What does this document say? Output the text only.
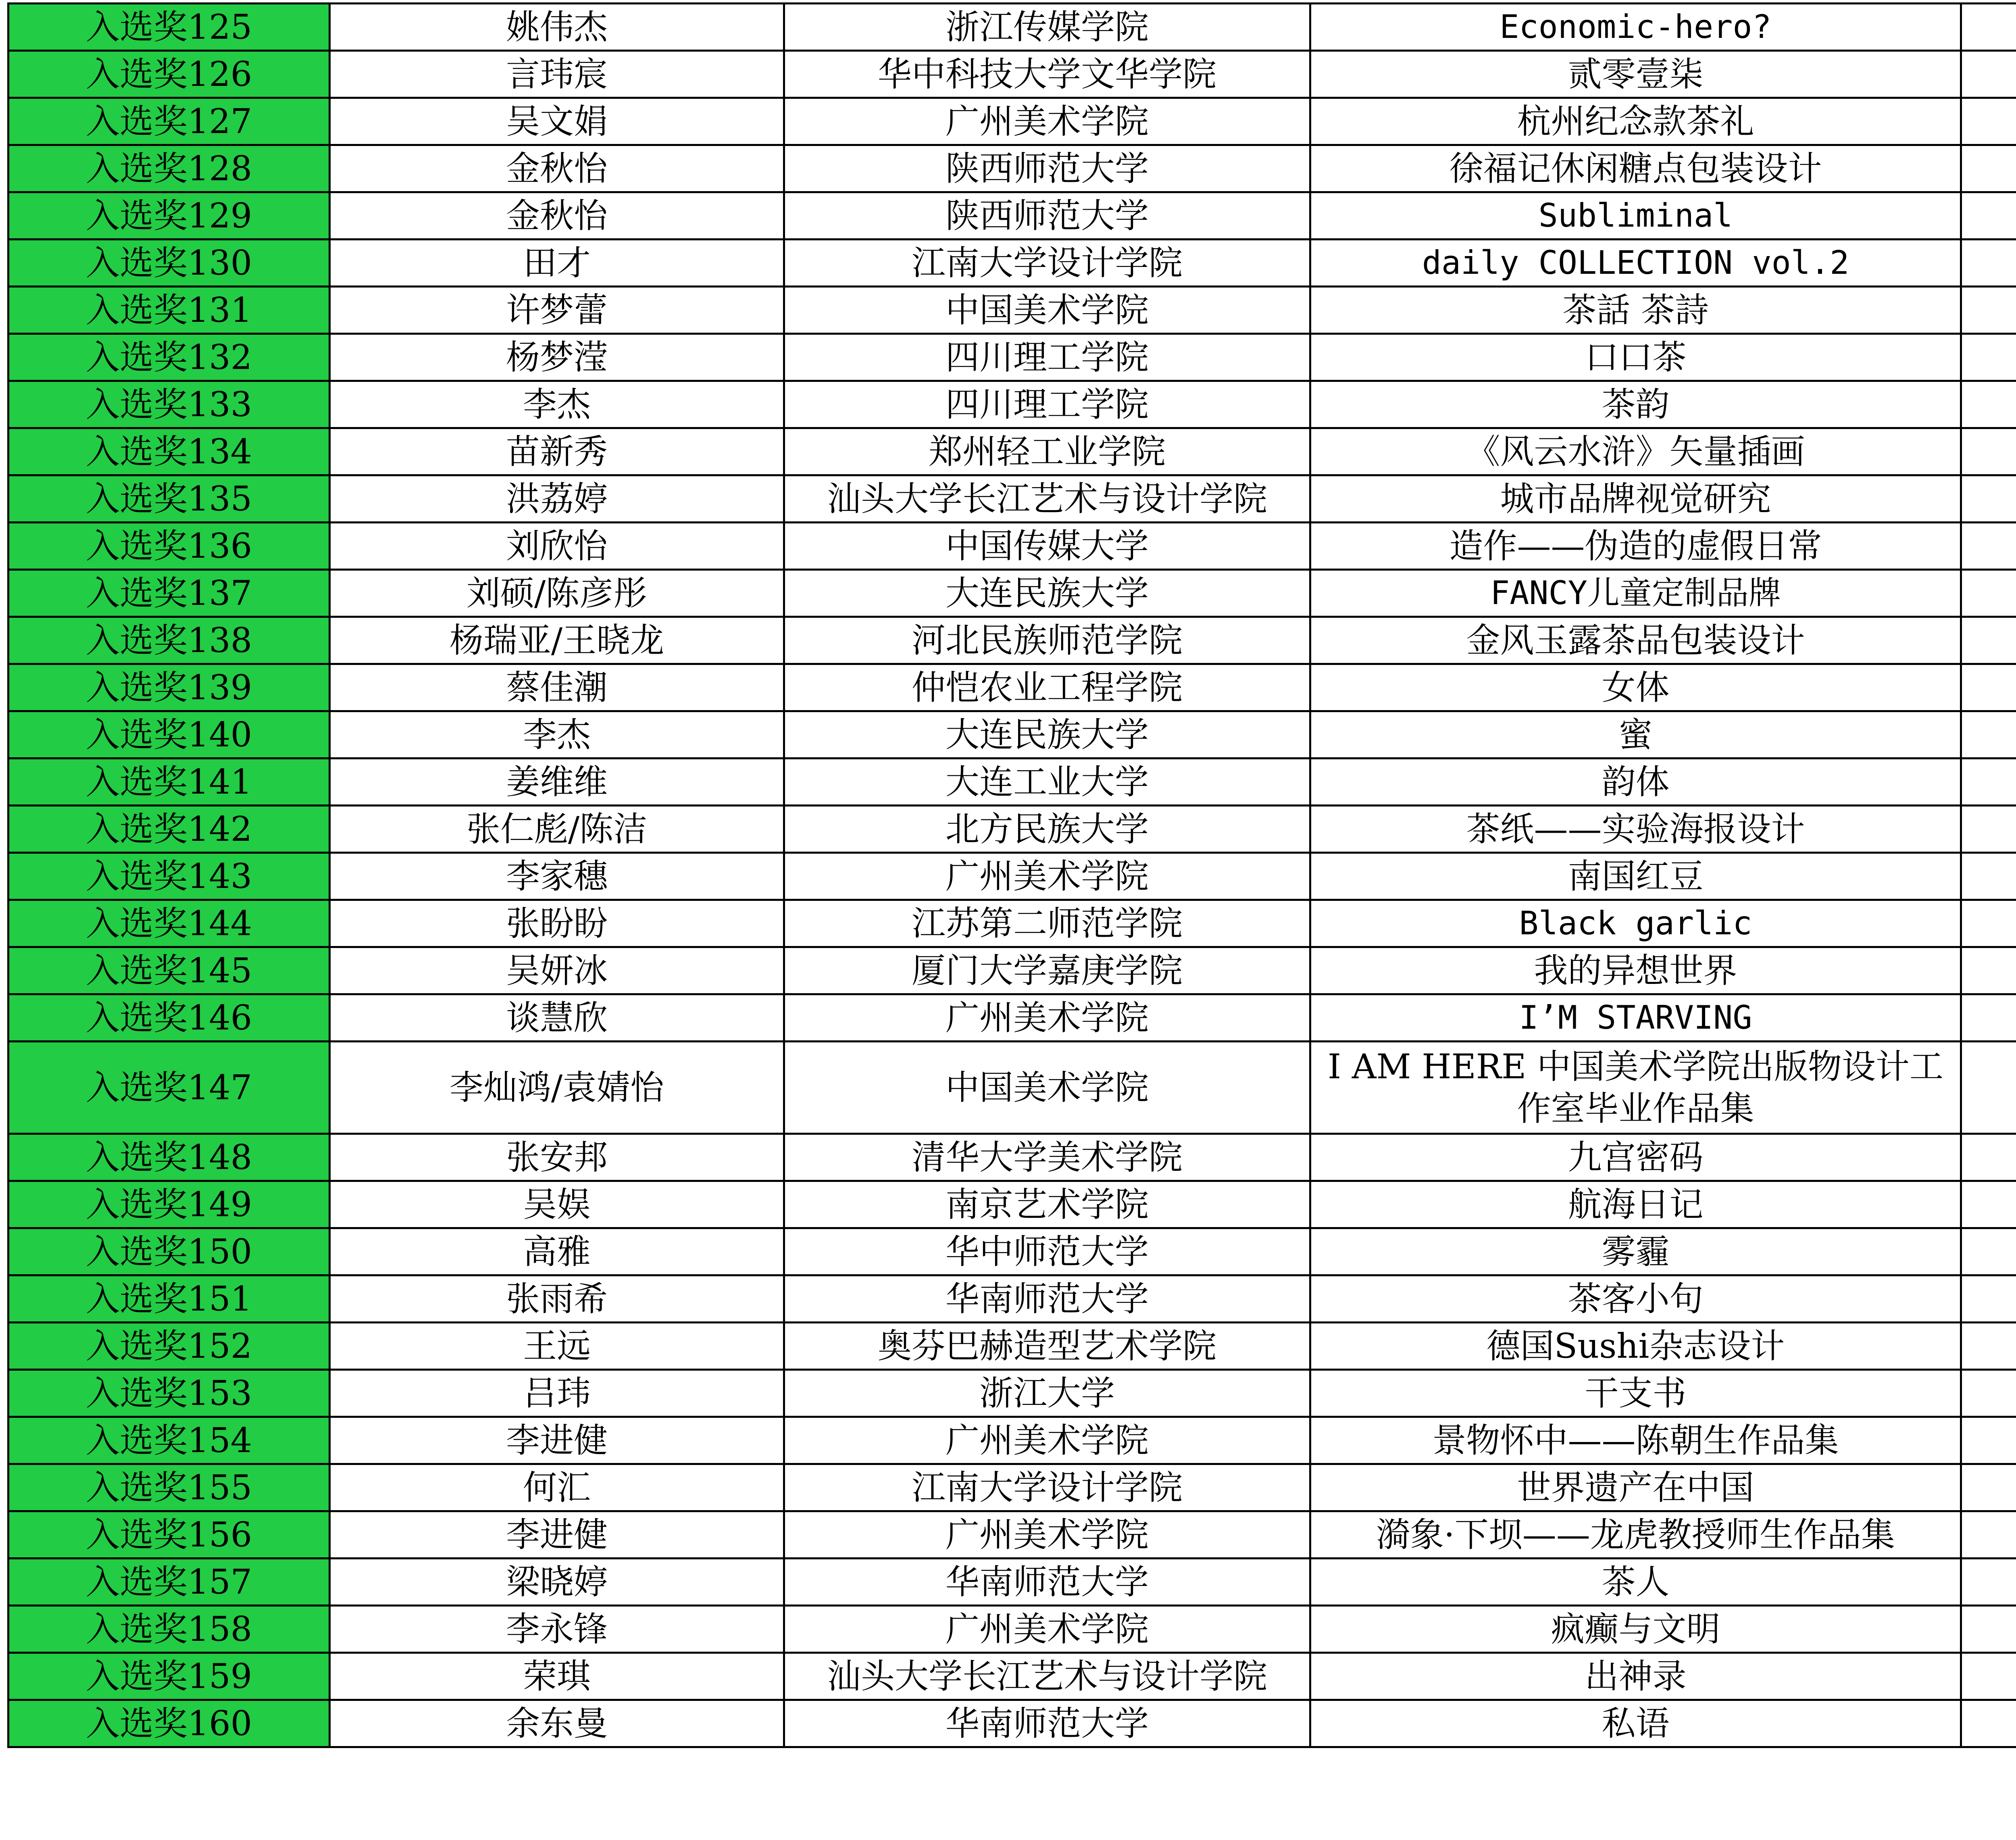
入选奖125	姚伟杰	浙江传媒学院	Economic-hero?		
入选奖126	言玮宸	华中科技大学文华学院	贰零壹柒		
入选奖127	吴文娟	广州美术学院	杭州纪念款茶礼		
入选奖128	金秋怡	陕西师范大学	徐福记休闲糖点包装设计		
入选奖129	金秋怡	陕西师范大学	Subliminal		
入选奖130	田才	江南大学设计学院	daily COLLECTION vol.2		
入选奖131	许梦蕾	中国美术学院	茶話 茶詩		
入选奖132	杨梦滢	四川理工学院	口口茶		
入选奖133	李杰	四川理工学院	茶韵		
入选奖134	苗新秀	郑州轻工业学院	《风云水浒》矢量插画		
入选奖135	洪荔婷	汕头大学长江艺术与设计学院	城市品牌视觉研究		
入选奖136	刘欣怡	中国传媒大学	造作——伪造的虚假日常		
入选奖137	刘硕/陈彦彤	大连民族大学	FANCY儿童定制品牌		
入选奖138	杨瑞亚/王晓龙	河北民族师范学院	金风玉露茶品包装设计		
入选奖139	蔡佳潮	仲恺农业工程学院	女体		
入选奖140	李杰	大连民族大学	蜜		
入选奖141	姜维维	大连工业大学	韵体		
入选奖142	张仁彪/陈洁	北方民族大学	茶纸——实验海报设计		
入选奖143	李家穗	广州美术学院	南国红豆		
入选奖144	张盼盼	江苏第二师范学院	Black garlic		
入选奖145	吴妍冰	厦门大学嘉庚学院	我的异想世界		
入选奖146	谈慧欣	广州美术学院	I’M STARVING		
入选奖147	李灿鸿/袁婧怡	中国美术学院	I AM HERE 中国美术学院出版物设计工作室毕业作品集		
入选奖148	张安邦	清华大学美术学院	九宫密码		
入选奖149	吴娱	南京艺术学院	航海日记		
入选奖150	高雅	华中师范大学	雾霾		
入选奖151	张雨希	华南师范大学	茶客小句		
入选奖152	王远	奥芬巴赫造型艺术学院	德国Sushi杂志设计		
入选奖153	吕玮	浙江大学	干支书		
入选奖154	李进健	广州美术学院	景物怀中——陈朝生作品集		
入选奖155	何汇	江南大学设计学院	世界遗产在中国		
入选奖156	李进健	广州美术学院	漪象·下坝——龙虎教授师生作品集		
入选奖157	梁晓婷	华南师范大学	茶人		
入选奖158	李永锋	广州美术学院	疯癫与文明		
入选奖159	荣琪	汕头大学长江艺术与设计学院	出神录		
入选奖160	余东曼	华南师范大学	私语		
